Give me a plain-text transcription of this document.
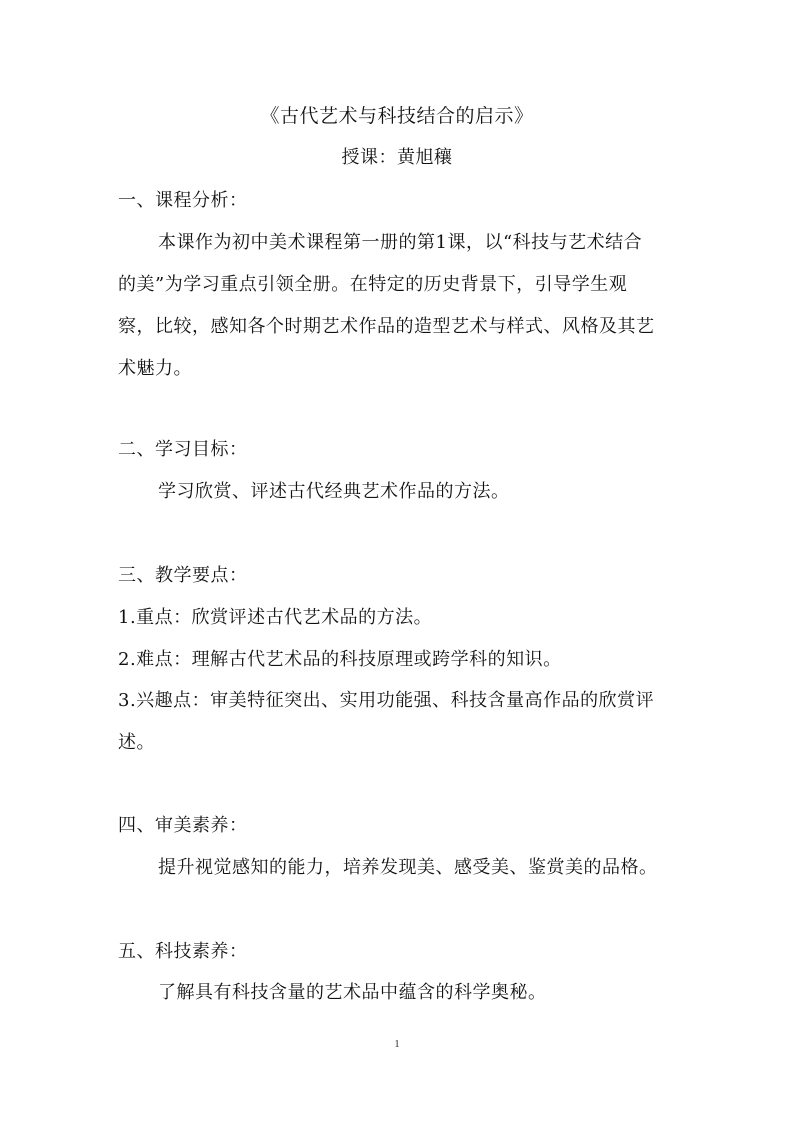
《古代艺术与科技结合的启示》
授课：黄旭穰
一、课程分析：
本课作为初中美术课程第一册的第1课，以“科技与艺术结合
的美”为学习重点引领全册。在特定的历史背景下，引导学生观
察，比较，感知各个时期艺术作品的造型艺术与样式、风格及其艺
术魅力。
二、学习目标：
学习欣赏、评述古代经典艺术作品的方法。
三、教学要点：
1.重点：欣赏评述古代艺术品的方法。
2.难点：理解古代艺术品的科技原理或跨学科的知识。
3.兴趣点：审美特征突出、实用功能强、科技含量高作品的欣赏评
述。
四、审美素养：
提升视觉感知的能力，培养发现美、感受美、鉴赏美的品格。
五、科技素养：
了解具有科技含量的艺术品中蕴含的科学奥秘。
1
